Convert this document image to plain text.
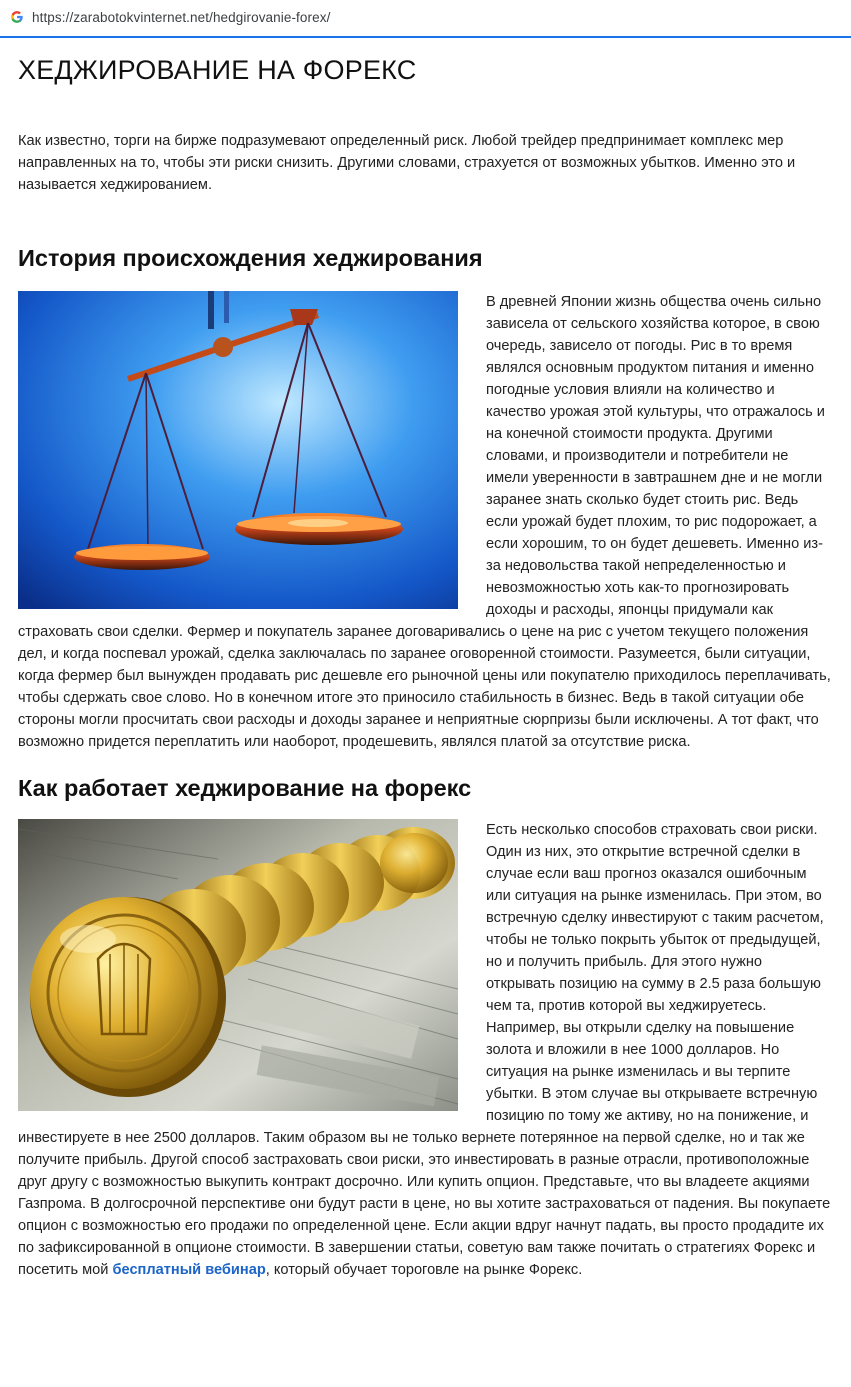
https://zarabotokvinternet.net/hedgirovanie-forex/
ХЕДЖИРОВАНИЕ НА ФОРЕКС

Как известно, торги на бирже подразумевают определенный риск. Любой трейдер предпринимает комплекс мер направленных на то, чтобы эти риски снизить. Другими словами, страхуется от возможных убытков. Именно это и называется хеджированием.

История происхождения хеджирования

В древней Японии жизнь общества очень сильно зависела от сельского хозяйства которое, в свою очередь, зависело от погоды. Рис в то время являлся основным продуктом питания и именно погодные условия влияли на количество и качество урожая этой культуры, что отражалось и на конечной стоимости продукта. Другими словами, и производители и потребители не имели уверенности в завтрашнем дне и не могли заранее знать сколько будет стоить рис. Ведь если урожай будет плохим, то рис подорожает, а если хорошим, то он будет дешеветь. Именно из-за недовольства такой непределенностью и невозможностью хоть как-то прогнозировать доходы и расходы, японцы придумали как страховать свои сделки. Фермер и покупатель заранее договаривались о цене на рис с учетом текущего положения дел, и когда поспевал урожай, сделка заключалась по заранее оговоренной стоимости. Разумеется, были ситуации, когда фермер был вынужден продавать рис дешевле его рыночной цены или покупателю приходилось переплачивать, чтобы сдержать свое слово. Но в конечном итоге это приносило стабильность в бизнес. Ведь в такой ситуации обе стороны могли просчитать свои расходы и доходы заранее и неприятные сюрпризы были исключены. А тот факт, что возможно придется переплатить или наоборот, продешевить, являлся платой за отсутствие риска.

Как работает хеджирование на форекс

Есть несколько способов страховать свои риски. Один из них, это открытие встречной сделки в случае если ваш прогноз оказался ошибочным или ситуация на рынке изменилась. При этом, во встречную сделку инвестируют с таким расчетом, чтобы не только покрыть убыток от предыдущей, но и получить прибыль. Для этого нужно открывать позицию на сумму в 2.5 раза большую чем та, против которой вы хеджируетесь. Например, вы открыли сделку на повышение золота и вложили в нее 1000 долларов. Но ситуация на рынке изменилась и вы терпите убытки. В этом случае вы открываете встречную позицию по тому же активу, но на понижение, и инвестируете в нее 2500 долларов. Таким образом вы не только вернете потерянное на первой сделке, но и так же получите прибыль. Другой способ застраховать свои риски, это инвестировать в разные отрасли, противоположные друг другу с возможностью выкупить контракт досрочно. Или купить опцион. Представьте, что вы владеете акциями Газпрома. В долгосрочной перспективе они будут расти в цене, но вы хотите застраховаться от падения. Вы покупаете опцион с возможностью его продажи по определенной цене. Если акции вдруг начнут падать, вы просто продадите их по зафиксированной в опционе стоимости. В завершении статьи, советую вам также почитать о стратегиях Форекс и посетить мой бесплатный вебинар, который обучает тороговле на рынке Форекс.
